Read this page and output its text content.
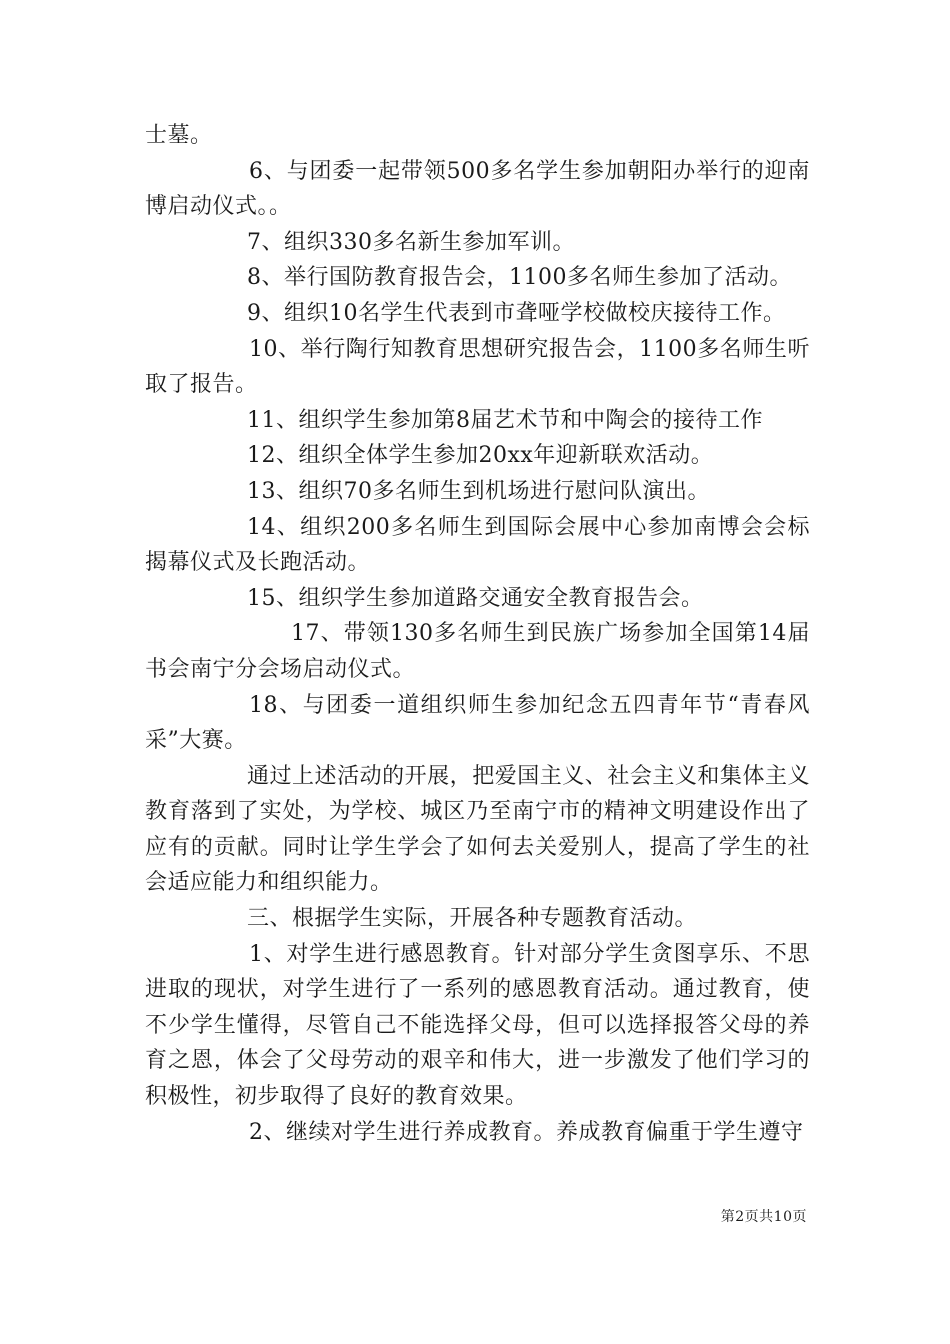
士墓。

6、与团委一起带领500多名学生参加朝阳办举行的迎南博启动仪式。。

7、组织330多名新生参加军训。

8、举行国防教育报告会，1100多名师生参加了活动。

9、组织10名学生代表到市聋哑学校做校庆接待工作。

10、举行陶行知教育思想研究报告会，1100多名师生听取了报告。

11、组织学生参加第8届艺术节和中陶会的接待工作

12、组织全体学生参加20xx年迎新联欢活动。

13、组织70多名师生到机场进行慰问队演出。

14、组织200多名师生到国际会展中心参加南博会会标揭幕仪式及长跑活动。

15、组织学生参加道路交通安全教育报告会。

17、带领130多名师生到民族广场参加全国第14届书会南宁分会场启动仪式。

18、与团委一道组织师生参加纪念五四青年节“青春风采”大赛。

通过上述活动的开展，把爱国主义、社会主义和集体主义教育落到了实处，为学校、城区乃至南宁市的精神文明建设作出了应有的贡献。同时让学生学会了如何去关爱别人，提高了学生的社会适应能力和组织能力。

三、根据学生实际，开展各种专题教育活动。

1、对学生进行感恩教育。针对部分学生贪图享乐、不思进取的现状，对学生进行了一系列的感恩教育活动。通过教育，使不少学生懂得，尽管自己不能选择父母，但可以选择报答父母的养育之恩，体会了父母劳动的艰辛和伟大，进一步激发了他们学习的积极性，初步取得了良好的教育效果。

2、继续对学生进行养成教育。养成教育偏重于学生遵守

第2页共10页
